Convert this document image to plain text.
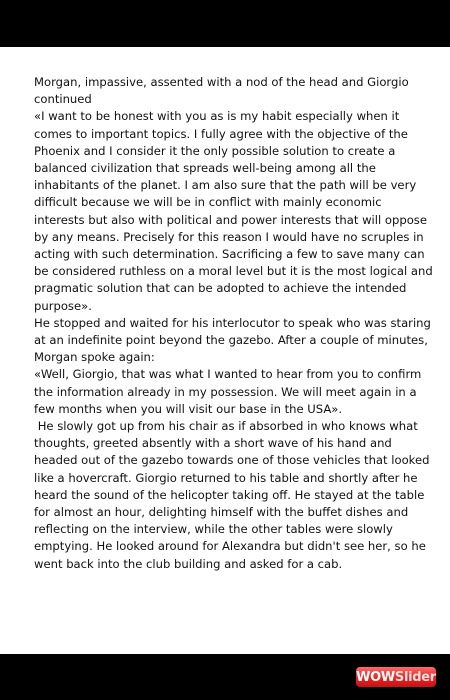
Morgan, impassive, assented with a nod of the head and Giorgio continued
«I want to be honest with you as is my habit especially when it comes to important topics. I fully agree with the objective of the Phoenix and I consider it the only possible solution to create a balanced civilization that spreads well-being among all the inhabitants of the planet. I am also sure that the path will be very difficult because we will be in conflict with mainly economic interests but also with political and power interests that will oppose by any means. Precisely for this reason I would have no scruples in acting with such determination. Sacrificing a few to save many can be considered ruthless on a moral level but it is the most logical and pragmatic solution that can be adopted to achieve the intended purpose».
He stopped and waited for his interlocutor to speak who was staring at an indefinite point beyond the gazebo. After a couple of minutes, Morgan spoke again:
«Well, Giorgio, that was what I wanted to hear from you to confirm the information already in my possession. We will meet again in a few months when you will visit our base in the USA».
He slowly got up from his chair as if absorbed in who knows what thoughts, greeted absently with a short wave of his hand and headed out of the gazebo towards one of those vehicles that looked like a hovercraft. Giorgio returned to his table and shortly after he heard the sound of the helicopter taking off. He stayed at the table for almost an hour, delighting himself with the buffet dishes and reflecting on the interview, while the other tables were slowly emptying. He looked around for Alexandra but didn't see her, so he went back into the club building and asked for a cab.
WOW Slider
